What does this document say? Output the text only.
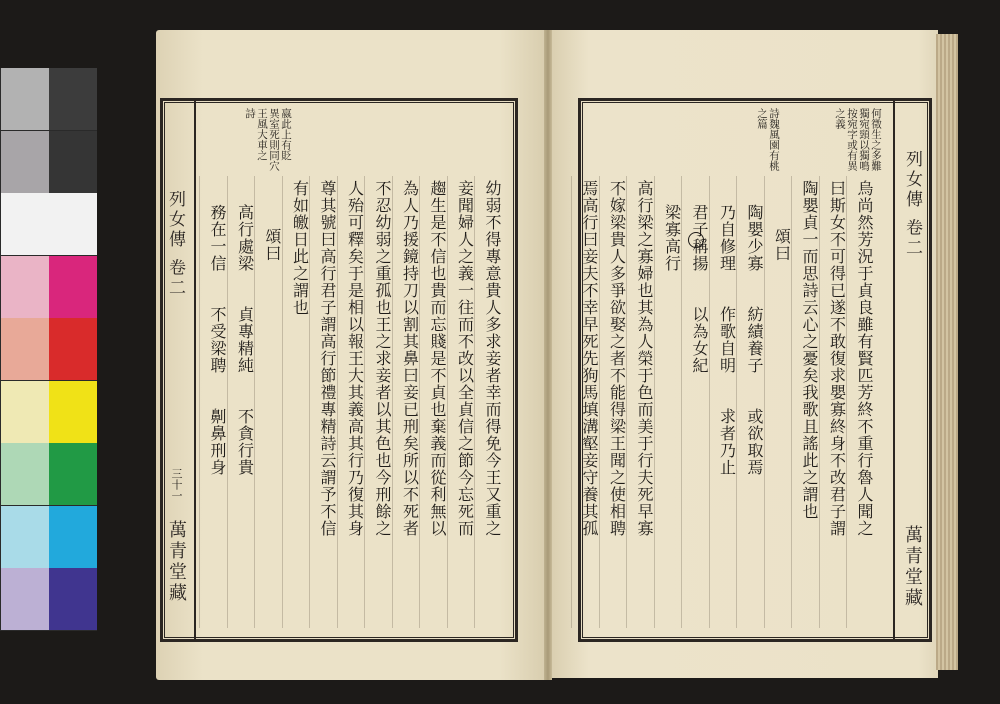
列女傳 卷二
三十一
萬青堂藏
嬴此上有貶
異室死則同穴
王風大車之
詩
幼弱不得專意貴人多求妾者幸而得免今王又重之
妾聞婦人之義一往而不改以全貞信之節今忘死而
趨生是不信也貴而忘賤是不貞也棄義而從利無以
為人乃援鏡持刀以割其鼻曰妾已刑矣所以不死者
不忍幼弱之重孤也王之求妾者以其色也今刑餘之
人殆可釋矣于是相以報王大其義高其行乃復其身
尊其號曰高行君子謂高行節禮專精詩云謂予不信
有如皦日此之謂也
頌曰
高行處梁　　貞專精純　　不貪行貴
務在一信　　不受梁聘　　劓鼻刑身	列女傳 卷二
萬青堂藏
何徵生之多難
獨宛頸以獨鳴
按宛字或有異
之義
詩魏風園有桃
之篇
烏尚然芳況于貞良雖有賢匹芳終不重行魯人聞之
曰斯女不可得已遂不敢復求嬰寡終身不改君子謂
陶嬰貞一而思詩云心之憂矣我歌且謠此之謂也
頌曰
陶嬰少寡　　紡績養子　　或欲取焉
乃自修理　　作歌自明　　求者乃止
君子稱揚　　以為女紀
梁寡高行
高行梁之寡婦也其為人榮于色而美于行夫死早寡
不嫁梁貴人多爭欲娶之者不能得梁王聞之使相聘
焉高行曰妾夫不幸早死先狗馬填溝壑妾守養其孤
